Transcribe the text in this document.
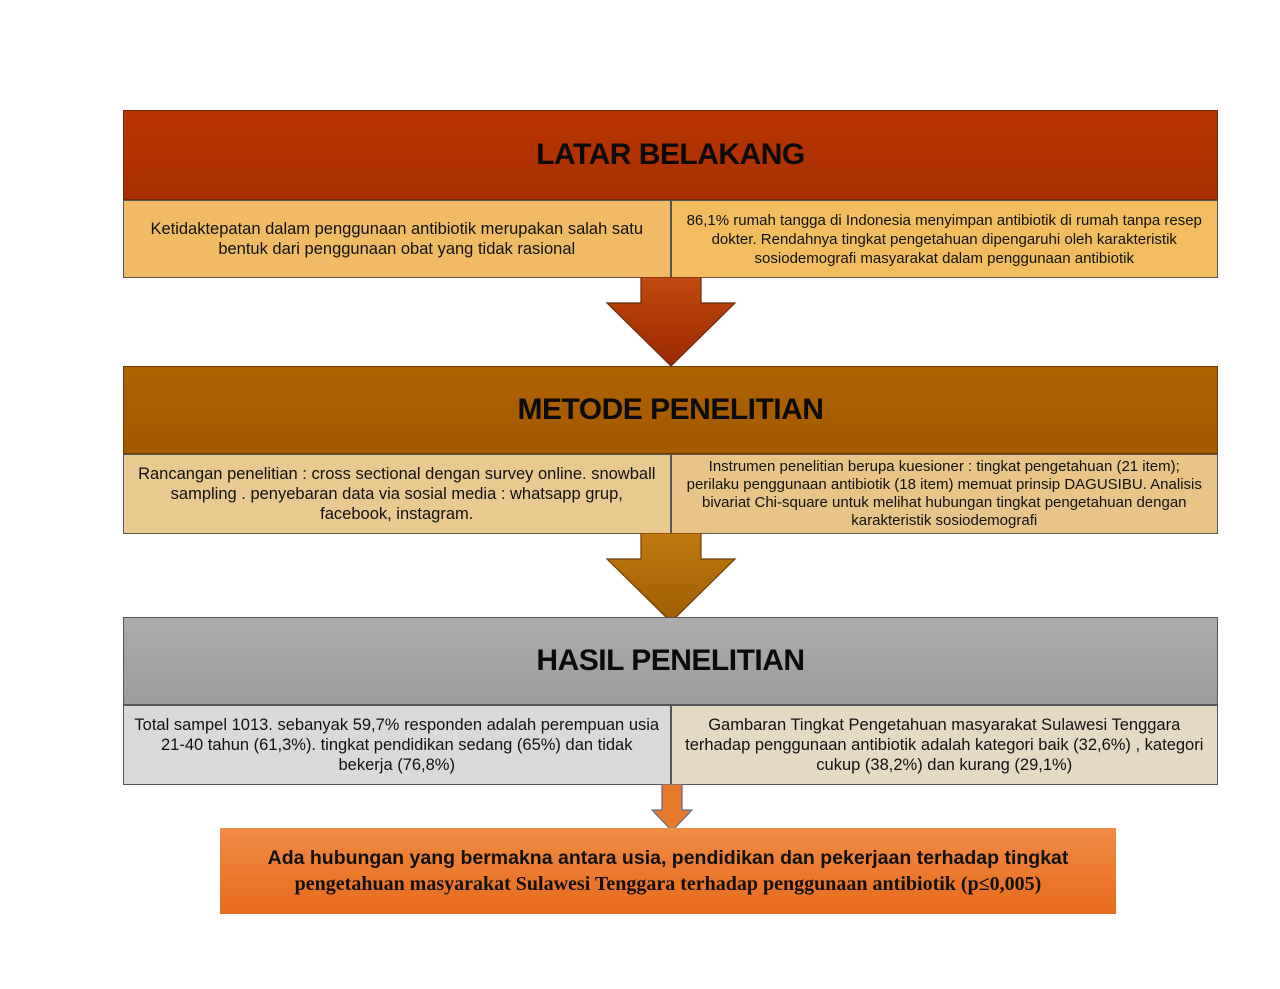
LATAR BELAKANG
Ketidaktepatan dalam penggunaan antibiotik merupakan salah satu bentuk dari penggunaan obat yang tidak rasional
86,1% rumah tangga di Indonesia menyimpan antibiotik di rumah tanpa resep dokter. Rendahnya tingkat pengetahuan dipengaruhi oleh karakteristik sosiodemografi masyarakat dalam penggunaan antibiotik
METODE PENELITIAN
Rancangan penelitian : cross sectional dengan survey online. snowball sampling . penyebaran data via sosial media : whatsapp grup, facebook, instagram.
Instrumen penelitian berupa kuesioner : tingkat pengetahuan (21 item); perilaku penggunaan antibiotik (18 item) memuat prinsip DAGUSIBU. Analisis bivariat Chi-square untuk melihat hubungan tingkat pengetahuan dengan karakteristik sosiodemografi
HASIL PENELITIAN
Total sampel 1013. sebanyak 59,7% responden adalah perempuan usia 21-40 tahun (61,3%). tingkat pendidikan sedang (65%) dan tidak bekerja (76,8%)
Gambaran Tingkat Pengetahuan masyarakat Sulawesi Tenggara terhadap penggunaan antibiotik adalah kategori baik (32,6%) , kategori cukup (38,2%) dan kurang (29,1%)
Ada hubungan yang bermakna antara usia, pendidikan dan pekerjaan terhadap tingkat
pengetahuan masyarakat Sulawesi Tenggara terhadap penggunaan antibiotik (p≤0,005)
